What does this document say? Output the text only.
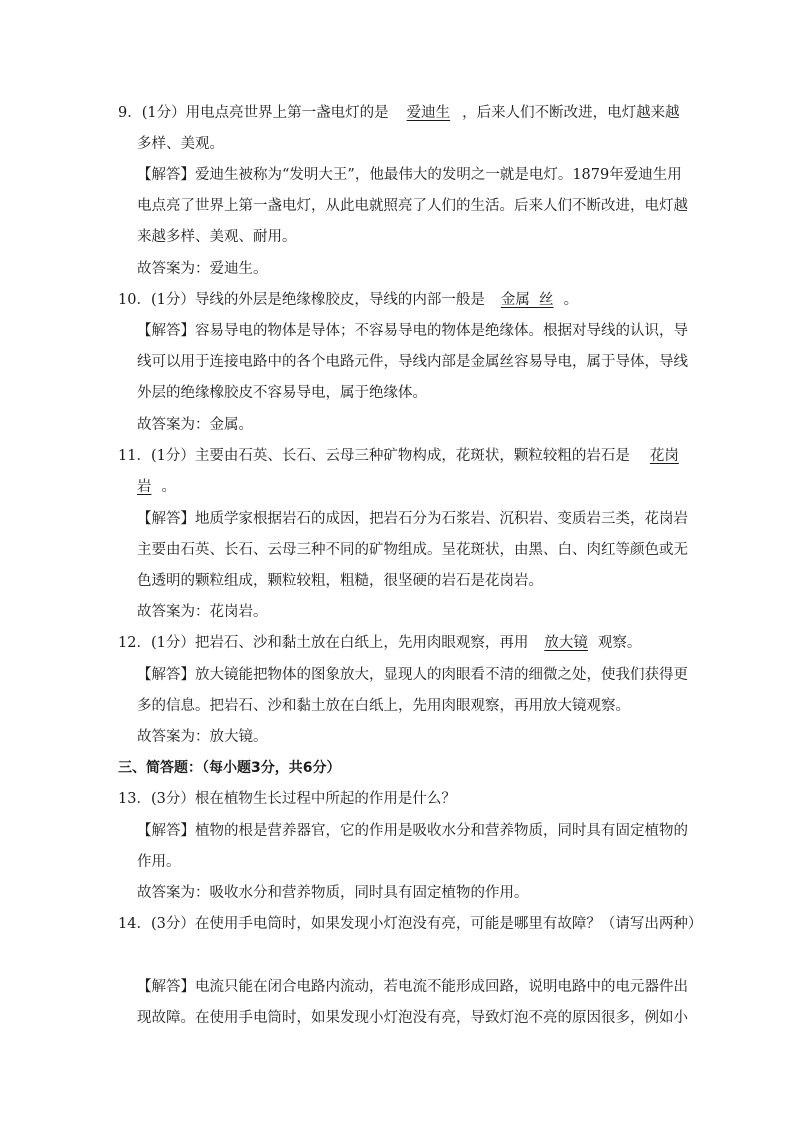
9．(1分）用电点亮世界上第一盏电灯的是 爱迪生 ，后来人们不断改进，电灯越来越
多样、美观。
【解答】爱迪生被称为“发明大王”，他最伟大的发明之一就是电灯。1879年爱迪生用
电点亮了世界上第一盏电灯，从此电就照亮了人们的生活。后来人们不断改进，电灯越
来越多样、美观、耐用。
故答案为：爱迪生。
10．(1分）导线的外层是绝缘橡胶皮，导线的内部一般是 金属  丝 。
【解答】容易导电的物体是导体；不容易导电的物体是绝缘体。根据对导线的认识，导
线可以用于连接电路中的各个电路元件，导线内部是金属丝容易导电，属于导体，导线
外层的绝缘橡胶皮不容易导电，属于绝缘体。
故答案为：金属。
11．(1分）主要由石英、长石、云母三种矿物构成，花斑状，颗粒较粗的岩石是 花岗
岩 。
【解答】地质学家根据岩石的成因，把岩石分为石浆岩、沉积岩、变质岩三类，花岗岩
主要由石英、长石、云母三种不同的矿物组成。呈花斑状，由黑、白、肉红等颜色或无
色透明的颗粒组成，颗粒较粗，粗糙，很坚硬的岩石是花岗岩。
故答案为：花岗岩。
12．(1分）把岩石、沙和黏土放在白纸上，先用肉眼观察，再用 放大镜 观察。
【解答】放大镜能把物体的图象放大，显现人的肉眼看不清的细微之处，使我们获得更
多的信息。把岩石、沙和黏土放在白纸上，先用肉眼观察，再用放大镜观察。
故答案为：放大镜。
三、简答题：（每小题3分，共6分）
13．(3分）根在植物生长过程中所起的作用是什么？
【解答】植物的根是营养器官，它的作用是吸收水分和营养物质，同时具有固定植物的
作用。
故答案为：吸收水分和营养物质，同时具有固定植物的作用。
14．(3分）在使用手电筒时，如果发现小灯泡没有亮，可能是哪里有故障？（请写出两种）
【解答】电流只能在闭合电路内流动，若电流不能形成回路，说明电路中的电元器件出
现故障。在使用手电筒时，如果发现小灯泡没有亮，导致灯泡不亮的原因很多，例如小
